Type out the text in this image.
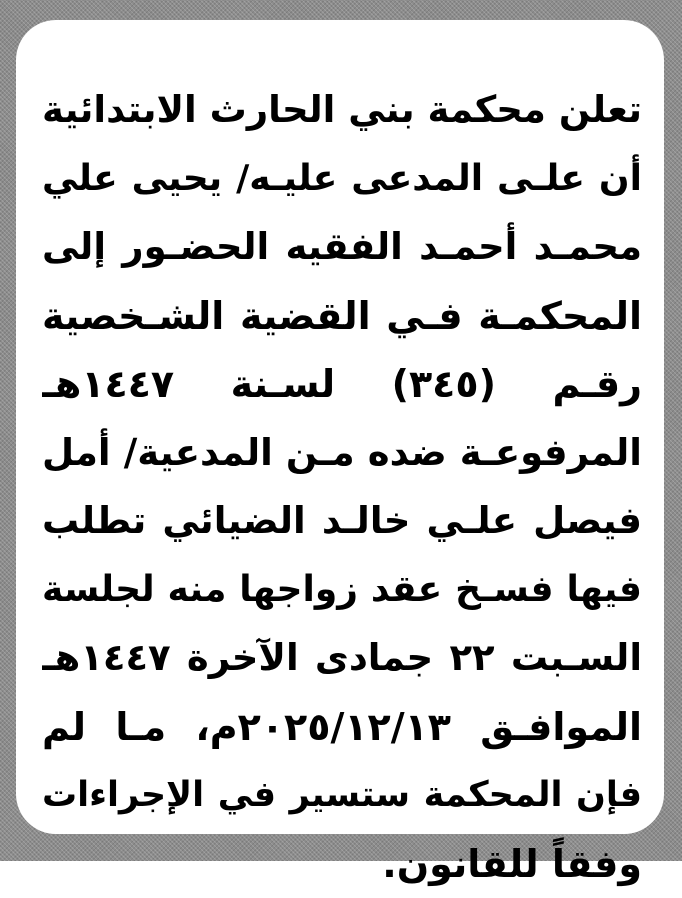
تعلن محكمة بني الحارث الابتدائية
أن علـى المدعى عليـه/ يحيى علي
محمـد أحمـد الفقيه الحضـور إلى
المحكمـة فـي القضية الشـخصية
رقـم (٣٤٥) لسـنة ١٤٤٧هـ
المرفوعـة ضده مـن المدعية/ أمل
فيصل علـي خالـد الضيائي تطلب
فيها فسـخ عقد زواجها منه لجلسة
السـبت ٢٢ جمادى الآخرة ١٤٤٧هـ
الموافـق ٢٠٢٥/١٢/١٣م، مـا لم
فإن المحكمة ستسير في الإجراءات
وفقاً للقانون.
